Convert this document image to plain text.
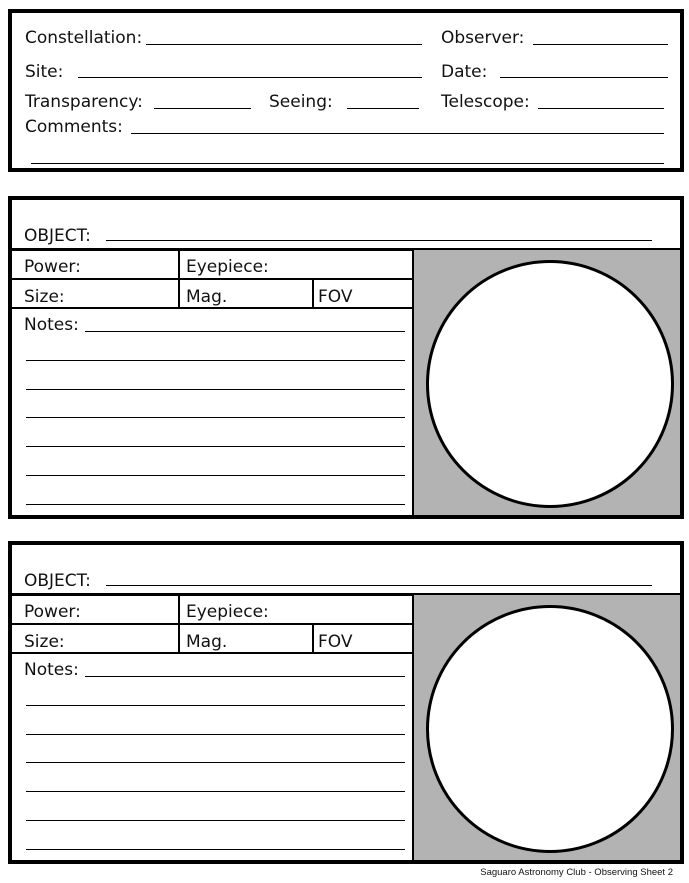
Constellation:	Observer:
Site:	Date:
Transparency:	Seeing:	Telescope:
Comments:
OBJECT:
Power:	Eyepiece:
Size:	Mag.	FOV
Notes:
OBJECT:
Power:	Eyepiece:
Size:	Mag.	FOV
Notes:
Saguaro Astronomy Club - Observing Sheet 2
